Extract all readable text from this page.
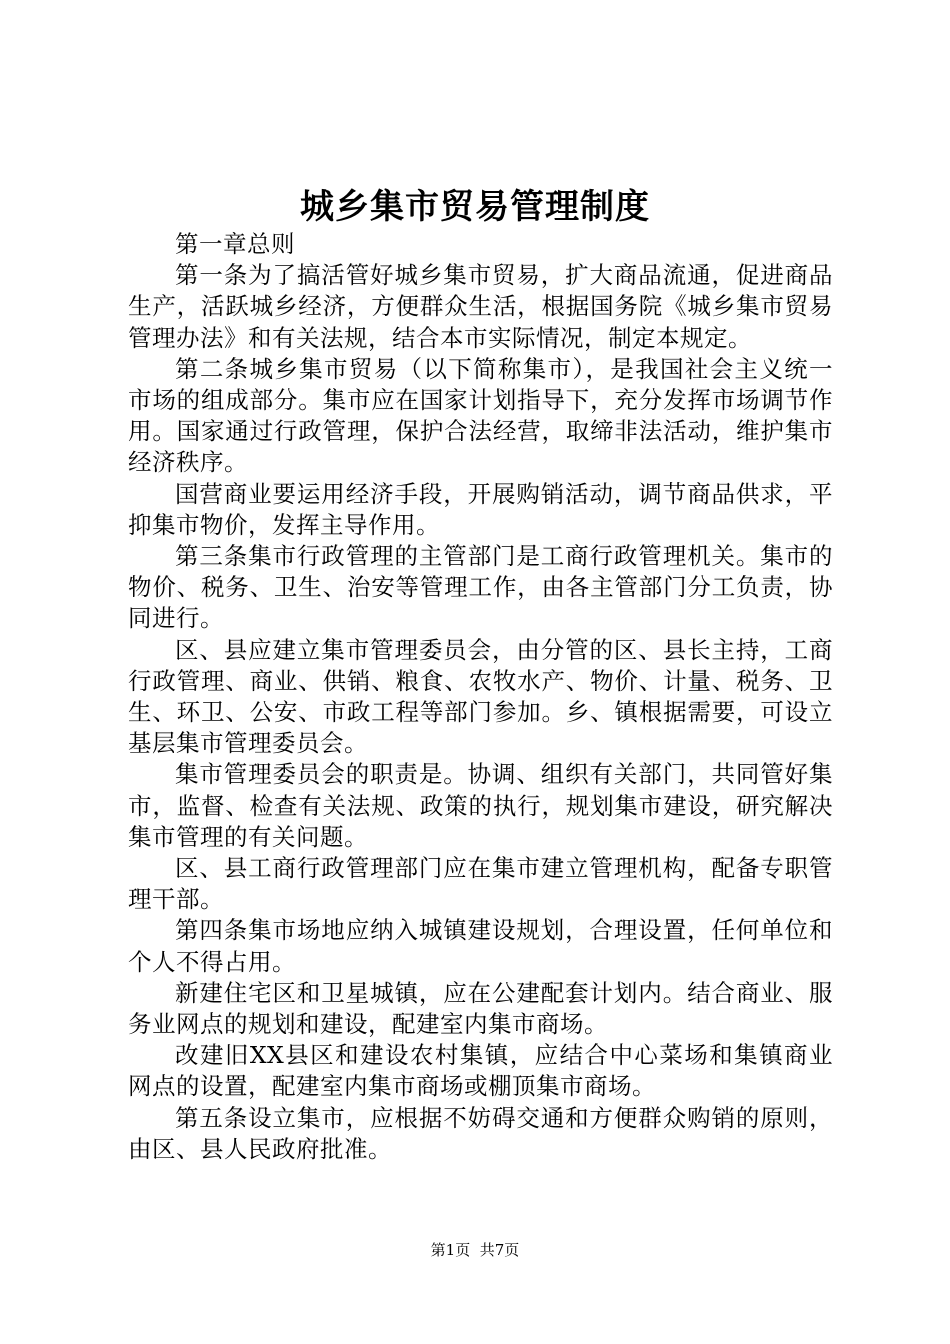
城乡集市贸易管理制度

第一章总则

第一条为了搞活管好城乡集市贸易，扩大商品流通，促进商品生产，活跃城乡经济，方便群众生活，根据国务院《城乡集市贸易管理办法》和有关法规，结合本市实际情况，制定本规定。

第二条城乡集市贸易（以下简称集市），是我国社会主义统一市场的组成部分。集市应在国家计划指导下，充分发挥市场调节作用。国家通过行政管理，保护合法经营，取缔非法活动，维护集市经济秩序。

国营商业要运用经济手段，开展购销活动，调节商品供求，平抑集市物价，发挥主导作用。

第三条集市行政管理的主管部门是工商行政管理机关。集市的物价、税务、卫生、治安等管理工作，由各主管部门分工负责，协同进行。

区、县应建立集市管理委员会，由分管的区、县长主持，工商行政管理、商业、供销、粮食、农牧水产、物价、计量、税务、卫生、环卫、公安、市政工程等部门参加。乡、镇根据需要，可设立基层集市管理委员会。

集市管理委员会的职责是。协调、组织有关部门，共同管好集市，监督、检查有关法规、政策的执行，规划集市建设，研究解决集市管理的有关问题。

区、县工商行政管理部门应在集市建立管理机构，配备专职管理干部。

第四条集市场地应纳入城镇建设规划，合理设置，任何单位和个人不得占用。

新建住宅区和卫星城镇，应在公建配套计划内。结合商业、服务业网点的规划和建设，配建室内集市商场。

改建旧XX县区和建设农村集镇，应结合中心菜场和集镇商业网点的设置，配建室内集市商场或棚顶集市商场。

第五条设立集市，应根据不妨碍交通和方便群众购销的原则，由区、县人民政府批准。

第1页 共7页
